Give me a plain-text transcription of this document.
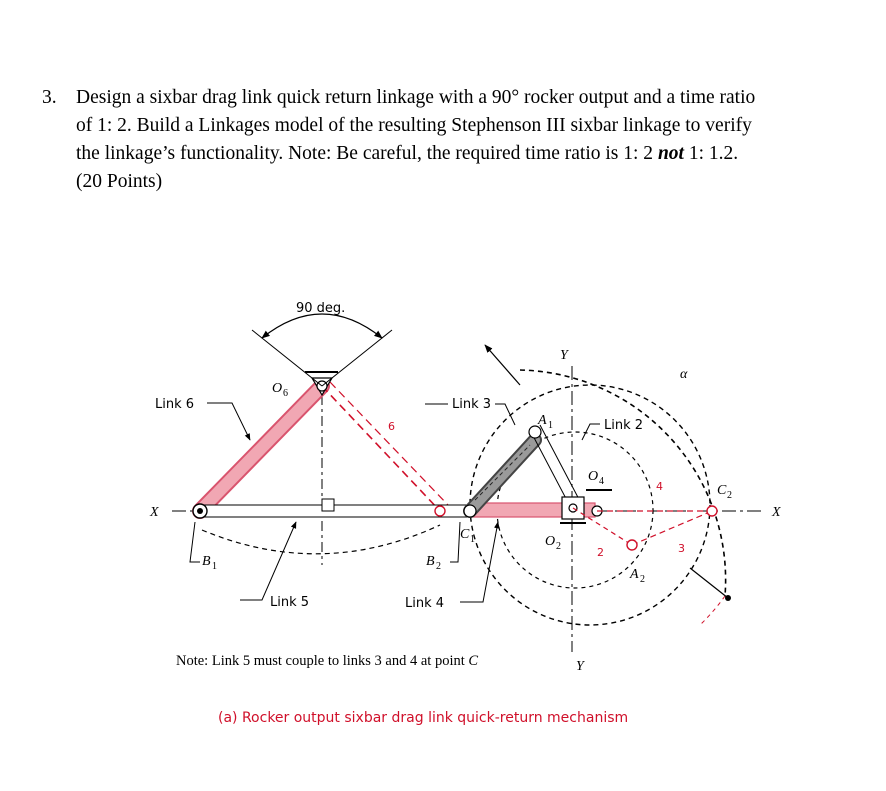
3. Design a sixbar drag link quick return linkage with a 90° rocker output and a time ratio
of 1: 2. Build a Linkages model of the resulting Stephenson III sixbar linkage to verify
the linkage’s functionality. Note: Be careful, the required time ratio is 1: 2 not 1: 1.2.
(20 Points)
6
4
3
2
90 deg.
Link 6	Link 3
Link 2
Link 5	Link 4
X	X
Y
Y
O 6
B 1	B 2
C 1
A 1
O 4
O 2
A 2
C 2
α
Note: Link 5 must couple to links 3 and 4 at point C
(a) Rocker output sixbar drag link quick-return mechanism
